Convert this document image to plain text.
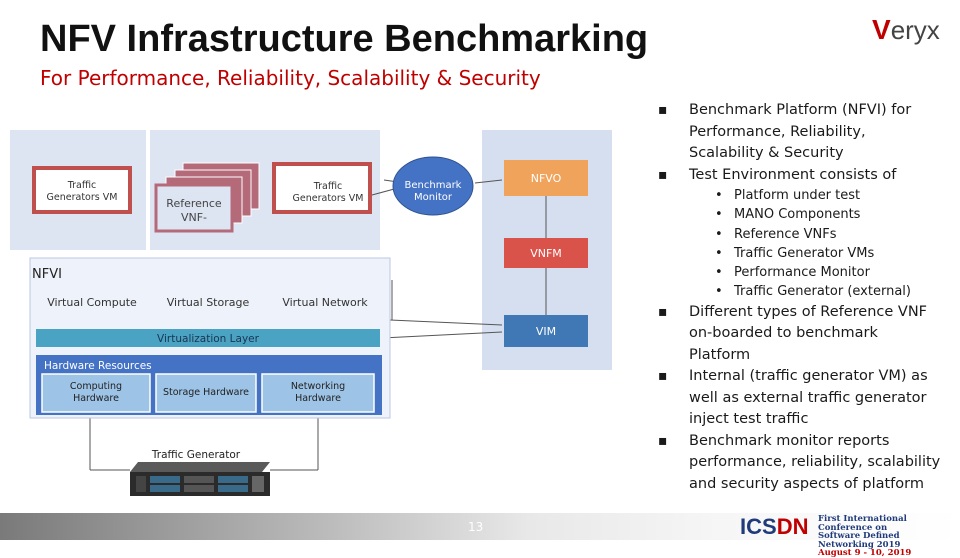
NFV Infrastructure Benchmarking
For Performance, Reliability, Scalability & Security
Veryx
Traffic
Generators VM	Reference
VNF-
Traffic
Generators VM
Benchmark
Monitor
NFVO
VNFM
VIM
NFVI
Virtual Compute	Virtual Storage	Virtual Network
Virtualization Layer
Hardware Resources
Computing
Hardware
Storage Hardware
Networking
Hardware
Traffic Generator
▪ Benchmark Platform (NFVI) for
Performance, Reliability,
Scalability & Security
▪ Test Environment consists of
• Platform under test
• MANO Components
• Reference VNFs
• Traffic Generator VMs
• Performance Monitor
• Traffic Generator (external)
▪ Different types of Reference VNF
on-boarded to benchmark
Platform
▪ Internal (traffic generator VM) as
well as external traffic generator
inject test traffic
▪ Benchmark monitor reports
performance, reliability, scalability
and security aspects of platform
13	ICSDN First International Conference on
Software Defined Networking 2019
August 9 - 10, 2019
